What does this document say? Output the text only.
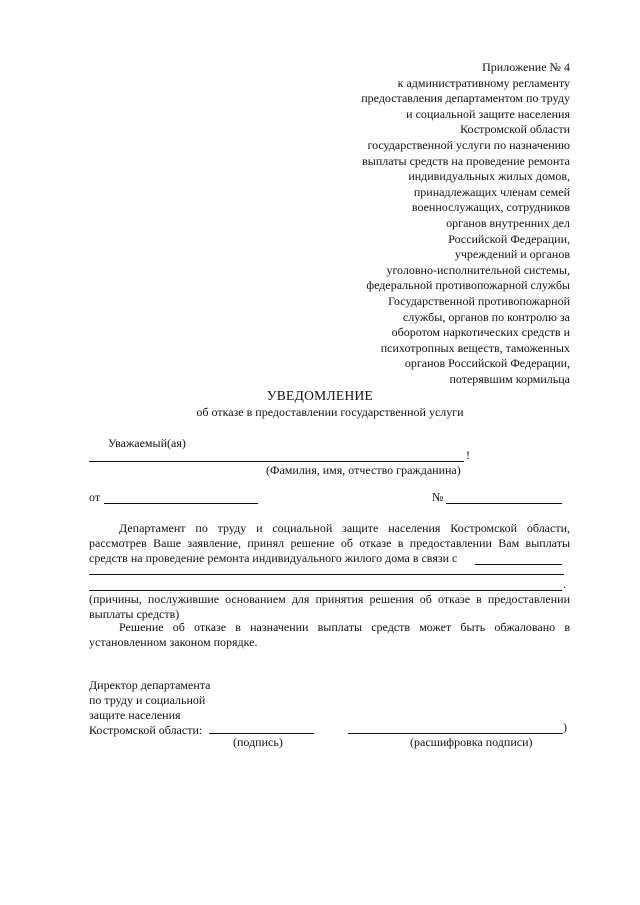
Приложение № 4
к административному регламенту
предоставления департаментом по труду
и социальной защите населения
Костромской области
государственной услуги по назначению
выплаты средств на проведение ремонта
индивидуальных жилых домов,
принадлежащих членам семей
военнослужащих, сотрудников
органов внутренних дел
Российской Федерации,
учреждений и органов
уголовно-исполнительной системы,
федеральной противопожарной службы
Государственной противопожарной
службы, органов по контролю за
оборотом наркотических средств и
психотропных веществ, таможенных
органов Российской Федерации,
потерявшим кормильца
УВЕДОМЛЕНИЕ
об отказе в предоставлении государственной услуги
Уважаемый(ая)
!
(Фамилия, имя, отчество гражданина)
от	№
Департамент по труду и социальной защите населения Костромской области, рассмотрев Ваше заявление, принял решение об отказе в предоставлении Вам выплаты средств на проведение ремонта индивидуального жилого дома в связи с
.
(причины, послужившие основанием для принятия решения об отказе в предоставлении выплаты средств)
Решение об отказе в назначении выплаты средств может быть обжаловано в установленном законом порядке.
Директор департамента
по труду и социальной
защите населения
Костромской области:	)
(подпись)	(расшифровка подписи)
